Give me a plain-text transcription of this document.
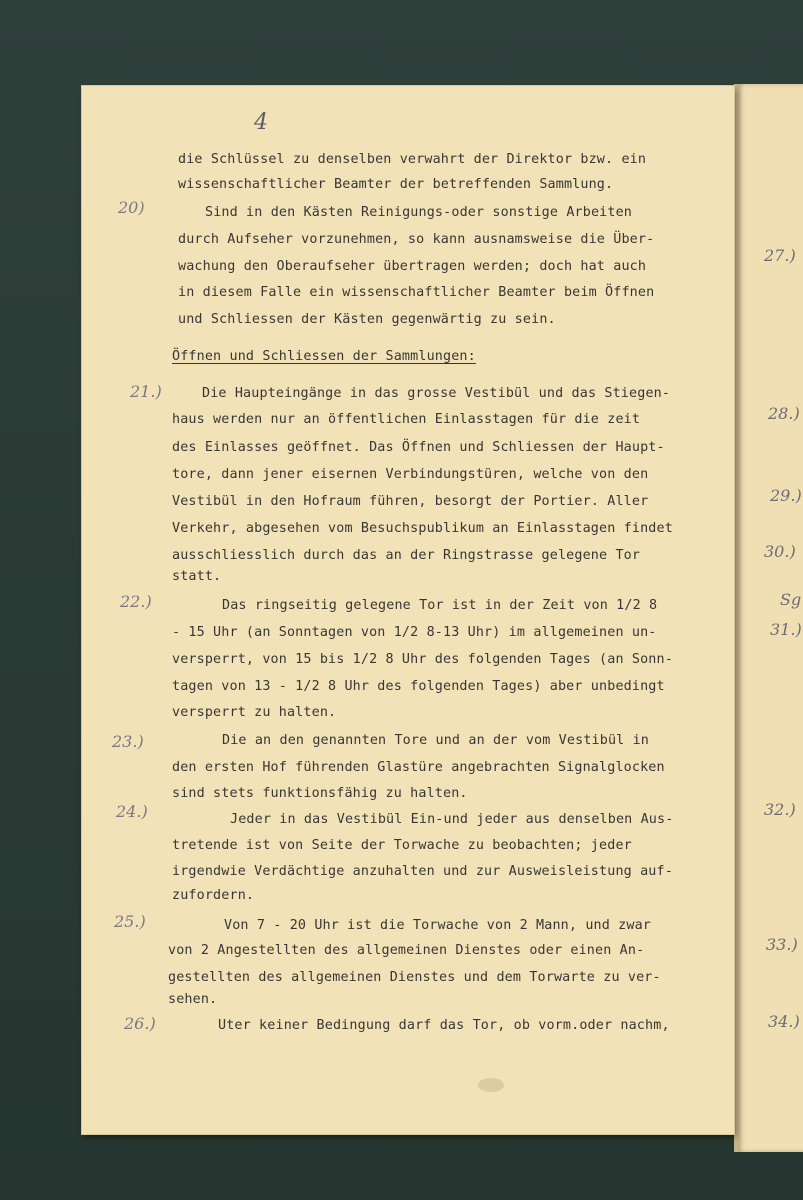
4
die Schlüssel zu denselben verwahrt der Direktor bzw. ein
wissenschaftlicher Beamter der betreffenden Sammlung.
Sind in den Kästen Reinigungs-oder sonstige Arbeiten
durch Aufseher vorzunehmen, so kann ausnamsweise die Über-
wachung den Oberaufseher übertragen werden; doch hat auch
in diesem Falle ein wissenschaftlicher Beamter beim Öffnen
und Schliessen der Kästen gegenwärtig zu sein.
Öffnen und Schliessen der Sammlungen:
Die Haupteingänge in das grosse Vestibül und das Stiegen-
haus werden nur an öffentlichen Einlasstagen für die zeit
des Einlasses geöffnet. Das Öffnen und Schliessen der Haupt-
tore, dann jener eisernen Verbindungstüren, welche von den
Vestibül in den Hofraum führen, besorgt der Portier. Aller
Verkehr, abgesehen vom Besuchspublikum an Einlasstagen findet
ausschliesslich durch das an der Ringstrasse gelegene Tor
statt.
Das ringseitig gelegene Tor ist in der Zeit von 1/2 8
- 15 Uhr (an Sonntagen von 1/2 8-13 Uhr) im allgemeinen un-
versperrt, von 15 bis 1/2 8 Uhr des folgenden Tages (an Sonn-
tagen von 13 - 1/2 8 Uhr des folgenden Tages) aber unbedingt
versperrt zu halten.
Die an den genannten Tore und an der vom Vestibül in
den ersten Hof führenden Glastüre angebrachten Signalglocken
sind stets funktionsfähig zu halten.
Jeder in das Vestibül Ein-und jeder aus denselben Aus-
tretende ist von Seite der Torwache zu beobachten; jeder
irgendwie Verdächtige anzuhalten und zur Ausweisleistung auf-
zufordern.
Von 7 - 20 Uhr ist die Torwache von 2 Mann, und zwar
von 2 Angestellten des allgemeinen Dienstes oder einen An-
gestellten des allgemeinen Dienstes und dem Torwarte zu ver-
sehen.
Uter keiner Bedingung darf das Tor, ob vorm.oder nachm,
20)
21.)
22.)
23.)
24.)
25.)
26.)
27.)
28.)
29.)
30.)
Sg
31.)
32.)
33.)
34.)
